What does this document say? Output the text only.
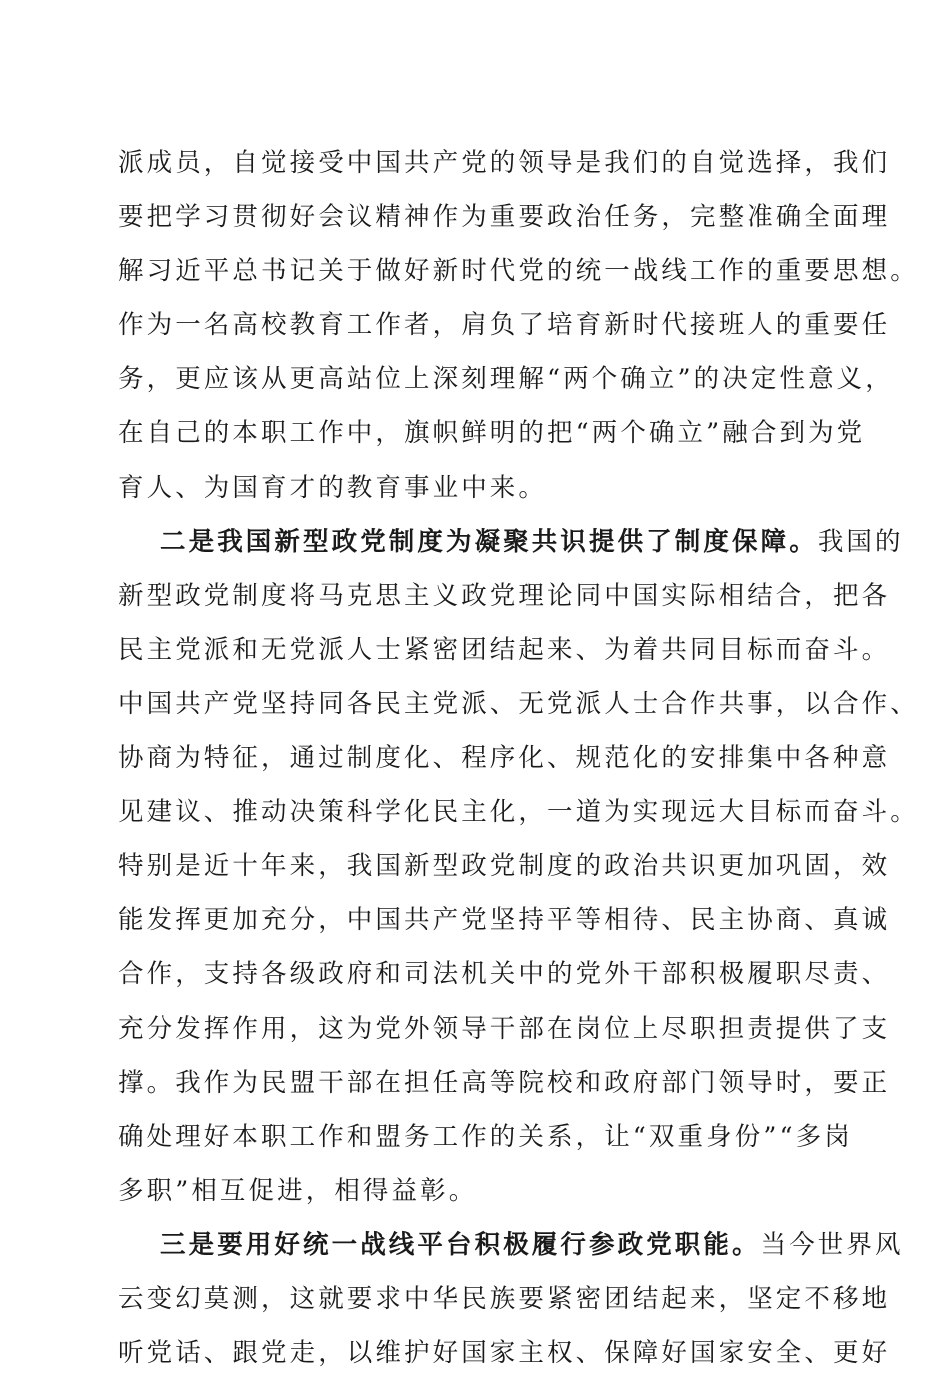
派成员，自觉接受中国共产党的领导是我们的自觉选择，我们
要把学习贯彻好会议精神作为重要政治任务，完整准确全面理
解习近平总书记关于做好新时代党的统一战线工作的重要思想。
作为一名高校教育工作者，肩负了培育新时代接班人的重要任
务，更应该从更高站位上深刻理解“两个确立”的决定性意义，
在自己的本职工作中，旗帜鲜明的把“两个确立”融合到为党
育人、为国育才的教育事业中来。
二是我国新型政党制度为凝聚共识提供了制度保障。我国的
新型政党制度将马克思主义政党理论同中国实际相结合，把各
民主党派和无党派人士紧密团结起来、为着共同目标而奋斗。
中国共产党坚持同各民主党派、无党派人士合作共事，以合作、
协商为特征，通过制度化、程序化、规范化的安排集中各种意
见建议、推动决策科学化民主化，一道为实现远大目标而奋斗。
特别是近十年来，我国新型政党制度的政治共识更加巩固，效
能发挥更加充分，中国共产党坚持平等相待、民主协商、真诚
合作，支持各级政府和司法机关中的党外干部积极履职尽责、
充分发挥作用，这为党外领导干部在岗位上尽职担责提供了支
撑。我作为民盟干部在担任高等院校和政府部门领导时，要正
确处理好本职工作和盟务工作的关系，让“双重身份”“多岗
多职”相互促进，相得益彰。
三是要用好统一战线平台积极履行参政党职能。当今世界风
云变幻莫测，这就要求中华民族要紧密团结起来，坚定不移地
听党话、跟党走，以维护好国家主权、保障好国家安全、更好
